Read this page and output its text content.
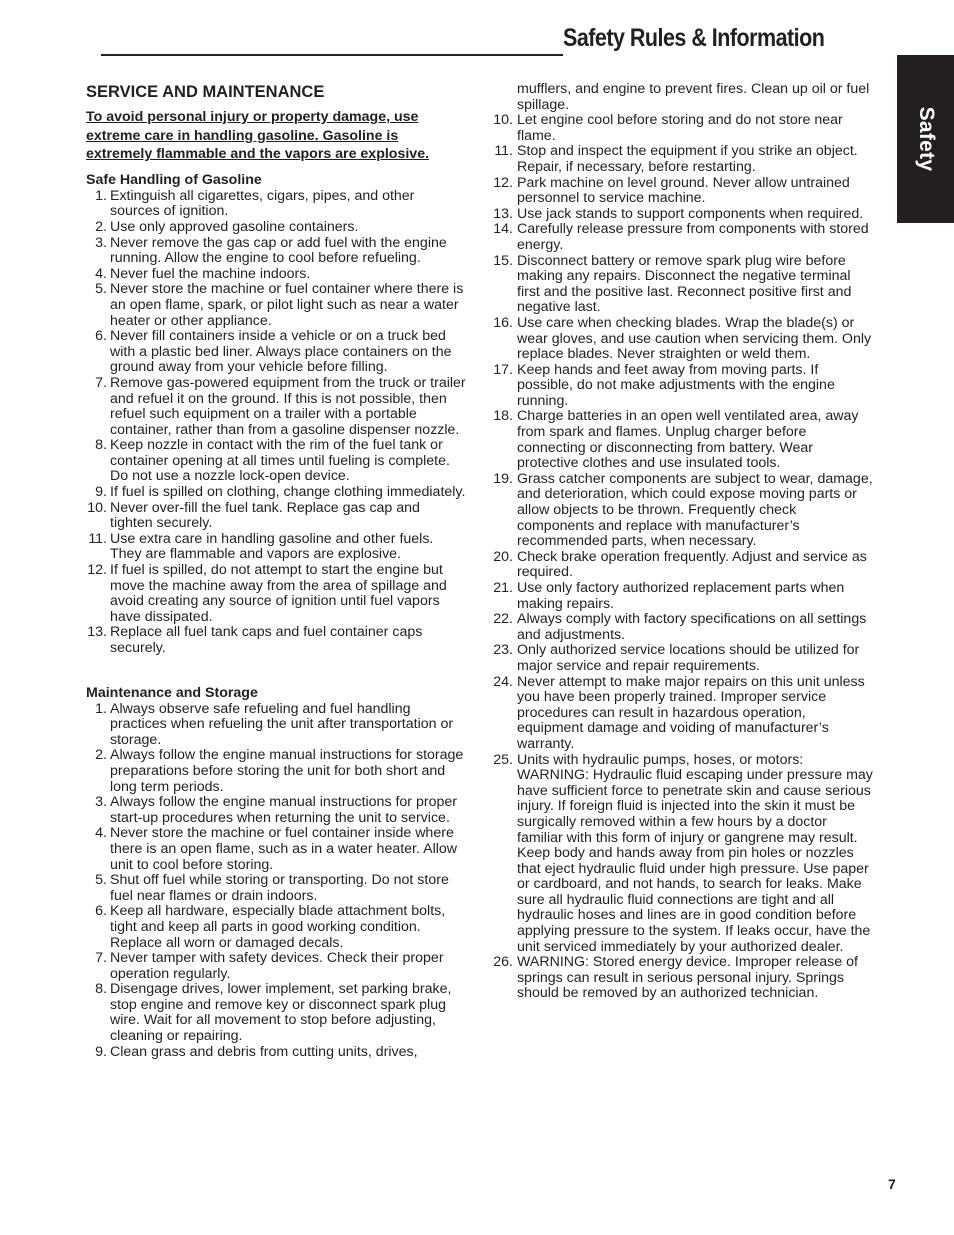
Safety Rules & Information
Safety
SERVICE AND MAINTENANCE
To avoid personal injury or property damage, use extreme care in handling gasoline. Gasoline is extremely flammable and the vapors are explosive.
Safe Handling of Gasoline
1. Extinguish all cigarettes, cigars, pipes, and other sources of ignition.
2. Use only approved gasoline containers.
3. Never remove the gas cap or add fuel with the engine running. Allow the engine to cool before refueling.
4. Never fuel the machine indoors.
5. Never store the machine or fuel container where there is an open flame, spark, or pilot light such as near a water heater or other appliance.
6. Never fill containers inside a vehicle or on a truck bed with a plastic bed liner. Always place containers on the ground away from your vehicle before filling.
7. Remove gas-powered equipment from the truck or trailer and refuel it on the ground. If this is not possible, then refuel such equipment on a trailer with a portable container, rather than from a gasoline dispenser nozzle.
8. Keep nozzle in contact with the rim of the fuel tank or container opening at all times until fueling is complete. Do not use a nozzle lock-open device.
9. If fuel is spilled on clothing, change clothing immediately.
10. Never over-fill the fuel tank. Replace gas cap and tighten securely.
11. Use extra care in handling gasoline and other fuels. They are flammable and vapors are explosive.
12. If fuel is spilled, do not attempt to start the engine but move the machine away from the area of spillage and avoid creating any source of ignition until fuel vapors have dissipated.
13. Replace all fuel tank caps and fuel container caps securely.
Maintenance and Storage
1. Always observe safe refueling and fuel handling practices when refueling the unit after transportation or storage.
2. Always follow the engine manual instructions for storage preparations before storing the unit for both short and long term periods.
3. Always follow the engine manual instructions for proper start-up procedures when returning the unit to service.
4. Never store the machine or fuel container inside where there is an open flame, such as in a water heater. Allow unit to cool before storing.
5. Shut off fuel while storing or transporting. Do not store fuel near flames or drain indoors.
6. Keep all hardware, especially blade attachment bolts, tight and keep all parts in good working condition. Replace all worn or damaged decals.
7. Never tamper with safety devices. Check their proper operation regularly.
8. Disengage drives, lower implement, set parking brake, stop engine and remove key or disconnect spark plug wire. Wait for all movement to stop before adjusting, cleaning or repairing.
9. Clean grass and debris from cutting units, drives,
mufflers, and engine to prevent fires. Clean up oil or fuel spillage.
10. Let engine cool before storing and do not store near flame.
11. Stop and inspect the equipment if you strike an object. Repair, if necessary, before restarting.
12. Park machine on level ground. Never allow untrained personnel to service machine.
13. Use jack stands to support components when required.
14. Carefully release pressure from components with stored energy.
15. Disconnect battery or remove spark plug wire before making any repairs. Disconnect the negative terminal first and the positive last. Reconnect positive first and negative last.
16. Use care when checking blades. Wrap the blade(s) or wear gloves, and use caution when servicing them. Only replace blades. Never straighten or weld them.
17. Keep hands and feet away from moving parts. If possible, do not make adjustments with the engine running.
18. Charge batteries in an open well ventilated area, away from spark and flames. Unplug charger before connecting or disconnecting from battery. Wear protective clothes and use insulated tools.
19. Grass catcher components are subject to wear, damage, and deterioration, which could expose moving parts or allow objects to be thrown. Frequently check components and replace with manufacturer’s recommended parts, when necessary.
20. Check brake operation frequently. Adjust and service as required.
21. Use only factory authorized replacement parts when making repairs.
22. Always comply with factory specifications on all settings and adjustments.
23. Only authorized service locations should be utilized for major service and repair requirements.
24. Never attempt to make major repairs on this unit unless you have been properly trained. Improper service procedures can result in hazardous operation, equipment damage and voiding of manufacturer’s warranty.
25. Units with hydraulic pumps, hoses, or motors: WARNING: Hydraulic fluid escaping under pressure may have sufficient force to penetrate skin and cause serious injury. If foreign fluid is injected into the skin it must be surgically removed within a few hours by a doctor familiar with this form of injury or gangrene may result. Keep body and hands away from pin holes or nozzles that eject hydraulic fluid under high pressure. Use paper or cardboard, and not hands, to search for leaks. Make sure all hydraulic fluid connections are tight and all hydraulic hoses and lines are in good condition before applying pressure to the system. If leaks occur, have the unit serviced immediately by your authorized dealer.
26. WARNING: Stored energy device. Improper release of springs can result in serious personal injury. Springs should be removed by an authorized technician.
7
